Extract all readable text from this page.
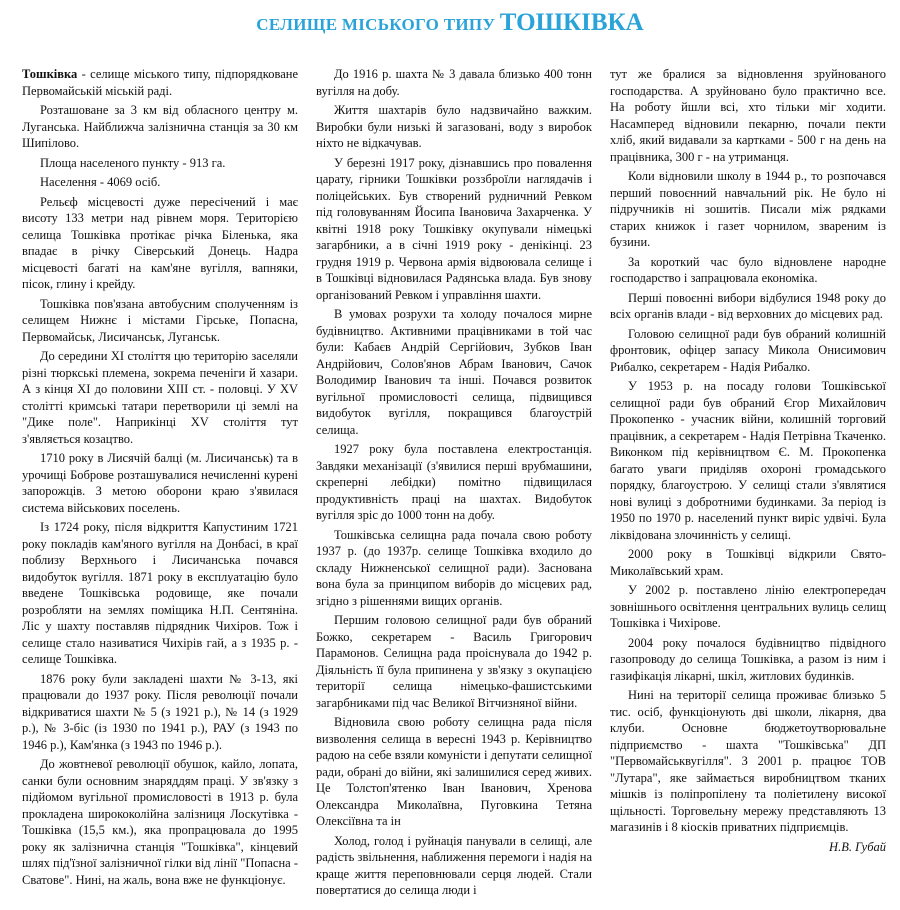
СЕЛИЩЕ МІСЬКОГО ТИПУ ТОШКІВКА

Тошківка - селище міського типу, підпорядковане Первомайській міській раді.

Розташоване за 3 км від обласного центру м. Луганська. Найближча залізнична станція за 30 км Шипілово.

Площа населеного пункту - 913 га.

Населення - 4069 осіб.

Рельєф місцевості дуже пересічений і має висоту 133 метри над рівнем моря. Територією селища Тошківка протікає річка Біленька, яка впадає в річку Сіверський Донець. Надра місцевості багаті на кам'яне вугілля, вапняки, пісок, глину і крейду.

Тошківка пов'язана автобусним сполученням із селищем Нижнє і містами Гірське, Попасна, Первомайськ, Лисичанськ, Луганськ.

До середини XI століття цю територію заселяли різні тюркські племена, зокрема печеніги й хазари. А з кінця XI до половини XIII ст. - половці. У XV столітті кримські татари перетворили ці землі на "Дике поле". Наприкінці XV століття тут з'являється козацтво.

1710 року в Лисячій балці (м. Лисичанськ) та в урочищі Боброве розташувалися нечисленні курені запорожців. З метою оборони краю з'явилася система військових поселень.

Із 1724 року, після відкриття Капустиним 1721 року покладів кам'яного вугілля на Донбасі, в краї поблизу Верхнього і Лисичанська почався видобуток вугілля. 1871 року в експлуатацію було введене Тошківська родовище, яке почали розробляти на землях поміщика Н.П. Сентяніна. Ліс у шахту поставляв підрядник Чихіров. Тож і селище стало називатися Чихірів гай, а з 1935 р. - селище Тошківка.

1876 року були закладені шахти № 3-13, які працювали до 1937 року. Після революції почали відкриватися шахти № 5 (з 1921 р.), № 14 (з 1929 р.), № 3-біс (із 1930 по 1941 р.), РАУ (з 1943 по 1946 р.), Кам'янка (з 1943 по 1946 р.).

До жовтневої революції обушок, кайло, лопата, санки були основним знаряддям праці. У зв'язку з підйомом вугільної промисловості в 1913 р. була прокладена ширококолійна залізниця Лоскутівка - Тошківка (15,5 км.), яка пропрацювала до 1995 року як залізнична станція "Тошківка", кінцевий шлях під'їзної залізничної гілки від лінії "Попасна - Сватове". Нині, на жаль, вона вже не функціонує.

До 1916 р. шахта № 3 давала близько 400 тонн вугілля на добу.

Життя шахтарів було надзвичайно важким. Виробки були низькі й загазовані, воду з виробок ніхто не відкачував.

У березні 1917 року, дізнавшись про повалення царату, гірники Тошківки роззброїли наглядачів і поліцейських. Був створений рудничний Ревком під головуванням Йосипа Івановича Захарченка. У квітні 1918 року Тошківку окупували німецькі загарбники, а в січні 1919 року - денікінці. 23 грудня 1919 р. Червона армія відвоювала селище і в Тошківці відновилася Радянська влада. Був знову організований Ревком і управління шахти.

В умовах розрухи та холоду почалося мирне будівництво. Активними працівниками в той час були: Кабаєв Андрій Сергійович, Зубков Іван Андрійович, Солов'янов Абрам Іванович, Сачок Володимир Іванович та інші. Почався розвиток вугільної промисловості селища, підвищився видобуток вугілля, покращився благоустрій селища.

1927 року була поставлена електростанція. Завдяки механізації (з'явилися перші врубмашини, скреперні лебідки) помітно підвищилася продуктивність праці на шахтах. Видобуток вугілля зріс до 1000 тонн на добу.

Тошківська селищна рада почала свою роботу 1937 р. (до 1937р. селище Тошківка входило до складу Нижненської селищної ради). Заснована вона була за принципом виборів до місцевих рад, згідно з рішеннями вищих органів.

Першим головою селищної ради був обраний Божко, секретарем - Василь Григорович Парамонов. Селищна рада проіснувала до 1942 р. Діяльність її була припинена у зв'язку з окупацією території селища німецько-фашистськими загарбниками під час Великої Вітчизняної війни.

Відновила свою роботу селищна рада після визволення селища в вересні 1943 р. Керівництво радою на себе взяли комуністи і депутати селищної ради, обрані до війни, які залишилися серед живих. Це Толстоп'ятенко Іван Іванович, Хренова Олександра Миколаївна, Пуговкина Тетяна Олексіївна та ін

Холод, голод і руйнація панували в селищі, але радість звільнення, наближення перемоги і надія на краще життя переповнювали серця людей. Стали повертатися до селища люди і

тут же бралися за відновлення зруйнованого господарства. А зруйновано було практично все. На роботу йшли всі, хто тільки міг ходити. Насамперед відновили пекарню, почали пекти хліб, який видавали за картками - 500 г на день на працівника, 300 г - на утриманця.

Коли відновили школу в 1944 р., то розпочався перший повоєнний навчальний рік. Не було ні підручників ні зошитів. Писали між рядками старих книжок і газет чорнилом, звареним із бузини.

За короткий час було відновлене народне господарство і запрацювала економіка.

Перші повоєнні вибори відбулися 1948 року до всіх органів влади - від верховних до місцевих рад.

Головою селищної ради був обраний колишній фронтовик, офіцер запасу Микола Онисимович Рибалко, секретарем - Надія Рибалко.

У 1953 р. на посаду голови Тошківської селищної ради був обраний Єгор Михайлович Прокопенко - учасник війни, колишній торговий працівник, а секретарем - Надія Петрівна Ткаченко. Виконком під керівництвом Є. М. Прокопенка багато уваги приділяв охороні громадського порядку, благоустрою. У селищі стали з'являтися нові вулиці з добротними будинками. За період із 1950 по 1970 р. населений пункт виріс удвічі. Була ліквідована злочинність у селищі.

2000 року в Тошківці відкрили Свято-Миколаївський храм.

У 2002 р. поставлено лінію електропередач зовнішнього освітлення центральних вулиць селищ Тошківка і Чихірове.

2004 року почалося будівництво підвідного газопроводу до селища Тошківка, а разом із ним і газифікація лікарні, шкіл, житлових будинків.

Нині на території селища проживає близько 5 тис. осіб, функціонують дві школи, лікарня, два клуби. Основне бюджетоутворювальне підприємство - шахта "Тошківська" ДП "Первомайськвугілля". З 2001 р. працює ТОВ "Лутара", яке займається виробництвом тканих мішків із поліпропілену та поліетилену високої щільності. Торговельну мережу представляють 13 магазинів і 8 кіосків приватних підприємців.

Н.В. Губай
